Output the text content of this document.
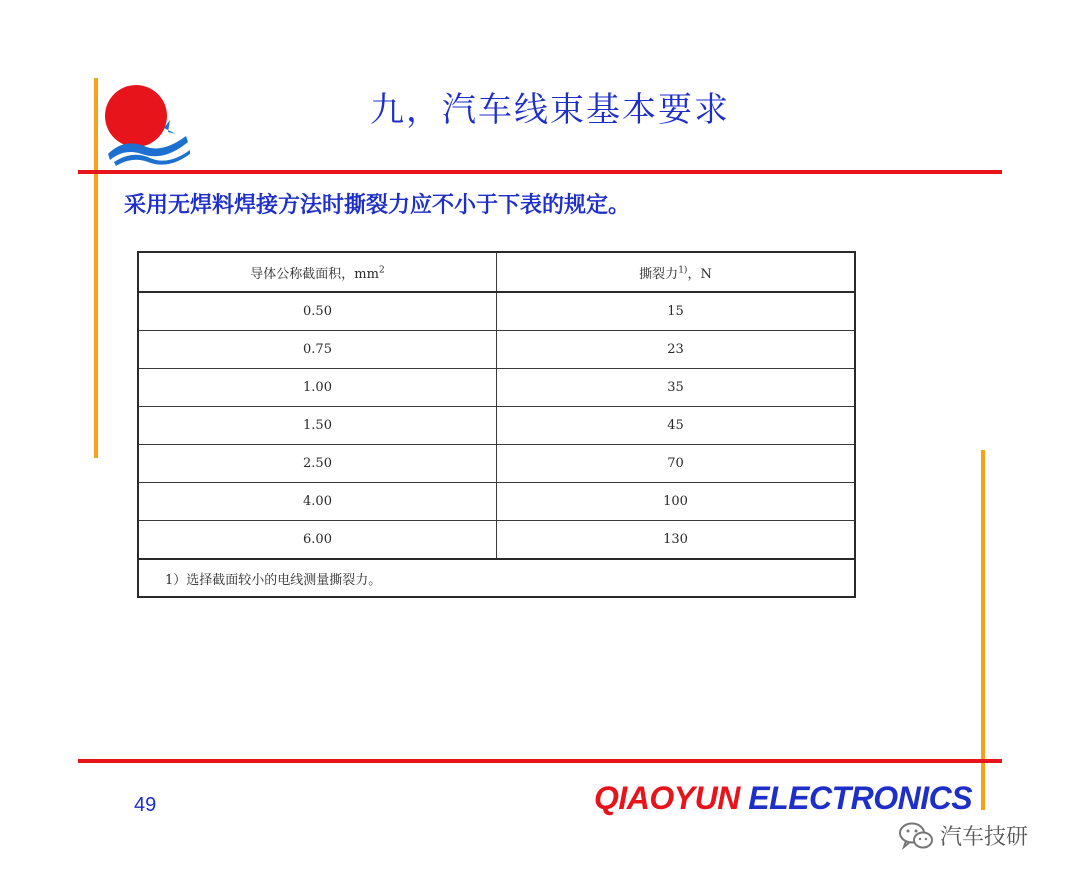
九，汽车线束基本要求
采用无焊料焊接方法时撕裂力应不小于下表的规定。
导体公称截面积，$mm^2$	撕裂力$^{1)}$，N
0.50	15
0.75	23
1.00	35
1.50	45
2.50	70
4.00	100
6.00	130
1）选择截面较小的电线测量撕裂力。	
49	QIAOYUN ELECTRONICS
汽车技研
